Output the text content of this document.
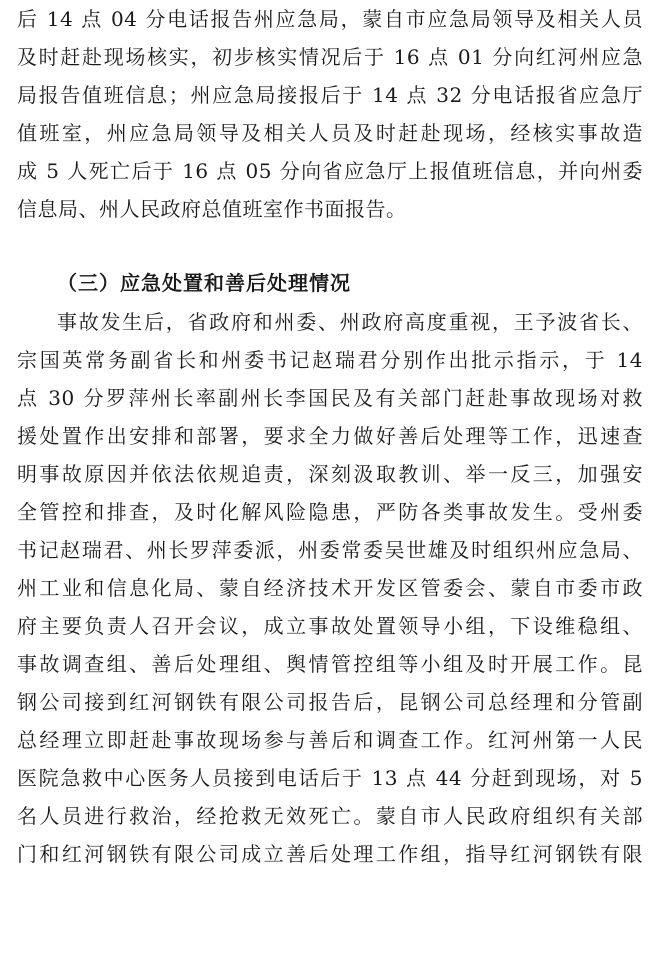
后 14 点 04 分电话报告州应急局，蒙自市应急局领导及相关人员
及时赶赴现场核实，初步核实情况后于 16 点 01 分向红河州应急
局报告值班信息；州应急局接报后于 14 点 32 分电话报省应急厅
值班室，州应急局领导及相关人员及时赶赴现场，经核实事故造
成 5 人死亡后于 16 点 05 分向省应急厅上报值班信息，并向州委
信息局、州人民政府总值班室作书面报告。
（三）应急处置和善后处理情况
事故发生后，省政府和州委、州政府高度重视，王予波省长、
宗国英常务副省长和州委书记赵瑞君分别作出批示指示，于 14
点 30 分罗萍州长率副州长李国民及有关部门赶赴事故现场对救
援处置作出安排和部署，要求全力做好善后处理等工作，迅速查
明事故原因并依法依规追责，深刻汲取教训、举一反三，加强安
全管控和排查，及时化解风险隐患，严防各类事故发生。受州委
书记赵瑞君、州长罗萍委派，州委常委吴世雄及时组织州应急局、
州工业和信息化局、蒙自经济技术开发区管委会、蒙自市委市政
府主要负责人召开会议，成立事故处置领导小组，下设维稳组、
事故调查组、善后处理组、舆情管控组等小组及时开展工作。昆
钢公司接到红河钢铁有限公司报告后，昆钢公司总经理和分管副
总经理立即赶赴事故现场参与善后和调查工作。红河州第一人民
医院急救中心医务人员接到电话后于 13 点 44 分赶到现场，对 5
名人员进行救治，经抢救无效死亡。蒙自市人民政府组织有关部
门和红河钢铁有限公司成立善后处理工作组，指导红河钢铁有限
